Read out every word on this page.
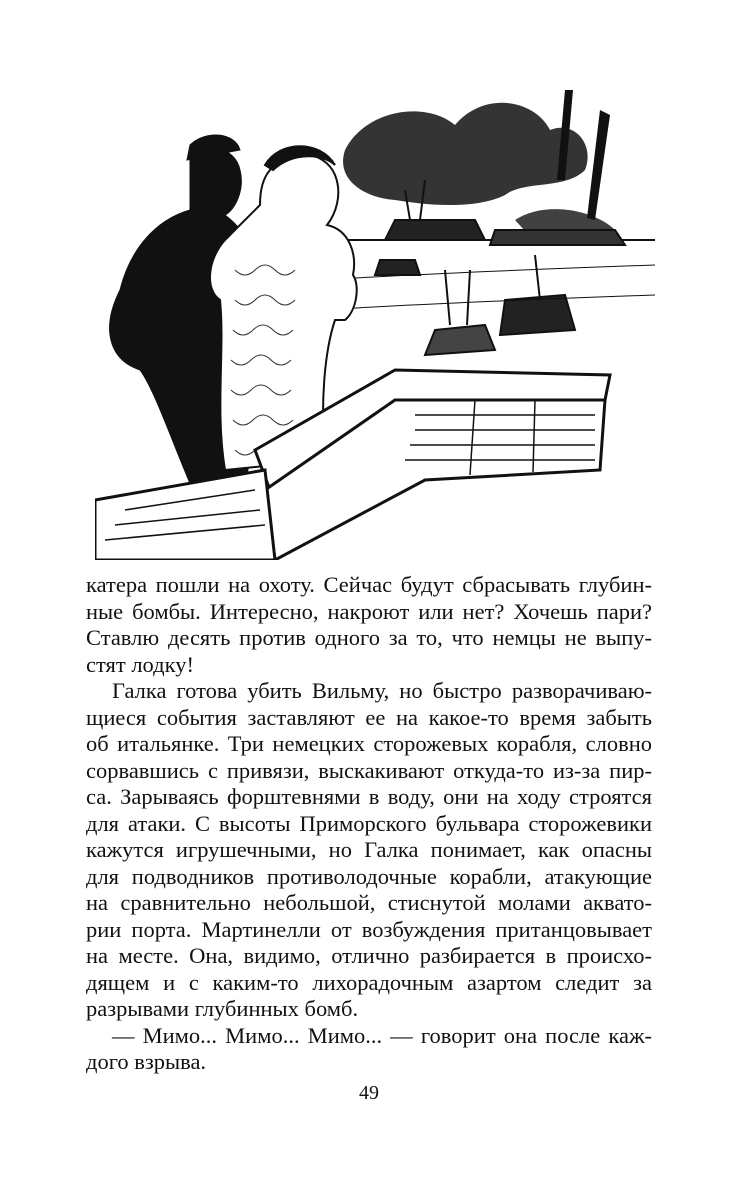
катера пошли на охоту. Сейчас будут сбрасывать глубин-
ные бомбы. Интересно, накроют или нет? Хочешь пари?
Ставлю десять против одного за то, что немцы не выпу-
стят лодку!
Галка готова убить Вильму, но быстро разворачиваю-
щиеся события заставляют ее на какое-то время забыть
об итальянке. Три немецких сторожевых корабля, словно
сорвавшись с привязи, выскакивают откуда-то из-за пир-
са. Зарываясь форштевнями в воду, они на ходу строятся
для атаки. С высоты Приморского бульвара сторожевики
кажутся игрушечными, но Галка понимает, как опасны
для подводников противолодочные корабли, атакующие
на сравнительно небольшой, стиснутой молами аквато-
рии порта. Мартинелли от возбуждения пританцовывает
на месте. Она, видимо, отлично разбирается в происхо-
дящем и с каким-то лихорадочным азартом следит за
разрывами глубинных бомб.
— Мимо... Мимо... Мимо... — говорит она после каж-
дого взрыва.
49
